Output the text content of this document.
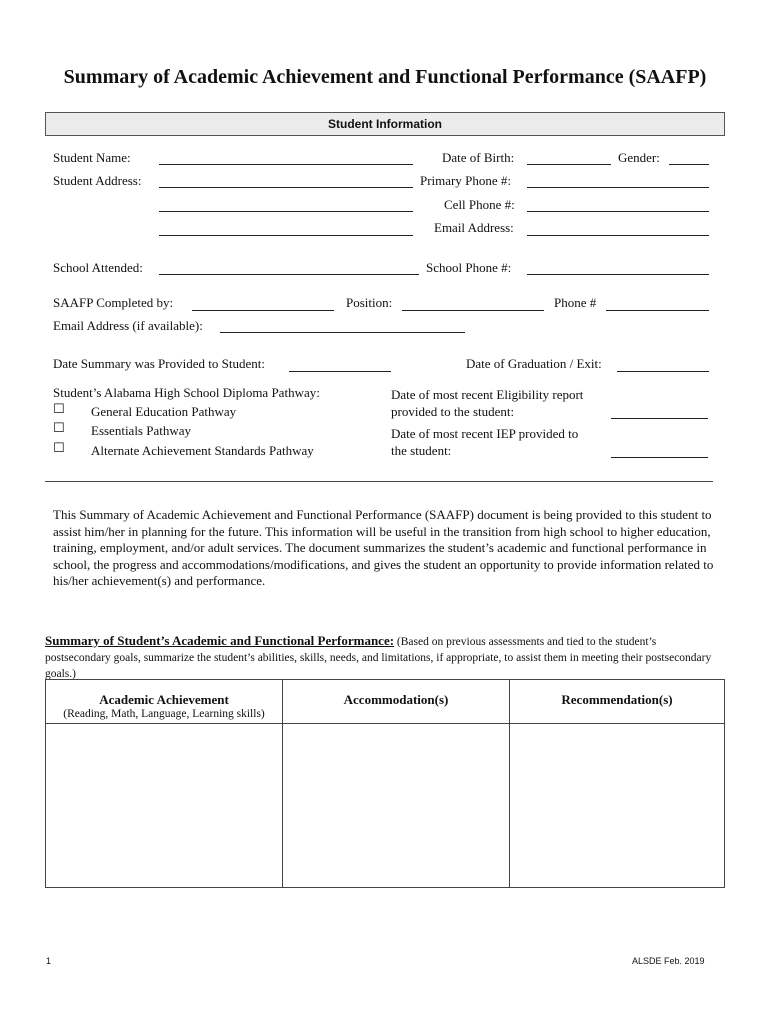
Summary of Academic Achievement and Functional Performance (SAAFP)
Student Information
Student Name:	Date of Birth:	Gender:
Student Address:	Primary Phone #:
Cell Phone #:
Email Address:
School Attended:	School Phone #:
SAAFP Completed by:	Position:	Phone #
Email Address (if available):
Date Summary was Provided to Student:	Date of Graduation / Exit:
Student’s Alabama High School Diploma Pathway:
☐ General Education Pathway
☐ Essentials Pathway
☐ Alternate Achievement Standards Pathway
Date of most recent Eligibility report
provided to the student:
Date of most recent IEP provided to
the student:
This Summary of Academic Achievement and Functional Performance (SAAFP) document is being provided to this student to assist him/her in planning for the future. This information will be useful in the transition from high school to higher education, training, employment, and/or adult services. The document summarizes the student’s academic and functional performance in school, the progress and accommodations/modifications, and gives the student an opportunity to provide information related to his/her achievement(s) and performance.
Summary of Student’s Academic and Functional Performance: (Based on previous assessments and tied to the student’s postsecondary goals, summarize the student’s abilities, skills, needs, and limitations, if appropriate, to assist them in meeting their postsecondary goals.)
Academic Achievement
(Reading, Math, Language, Learning skills)	Accommodation(s)	Recommendation(s)

1	ALSDE Feb. 2019
